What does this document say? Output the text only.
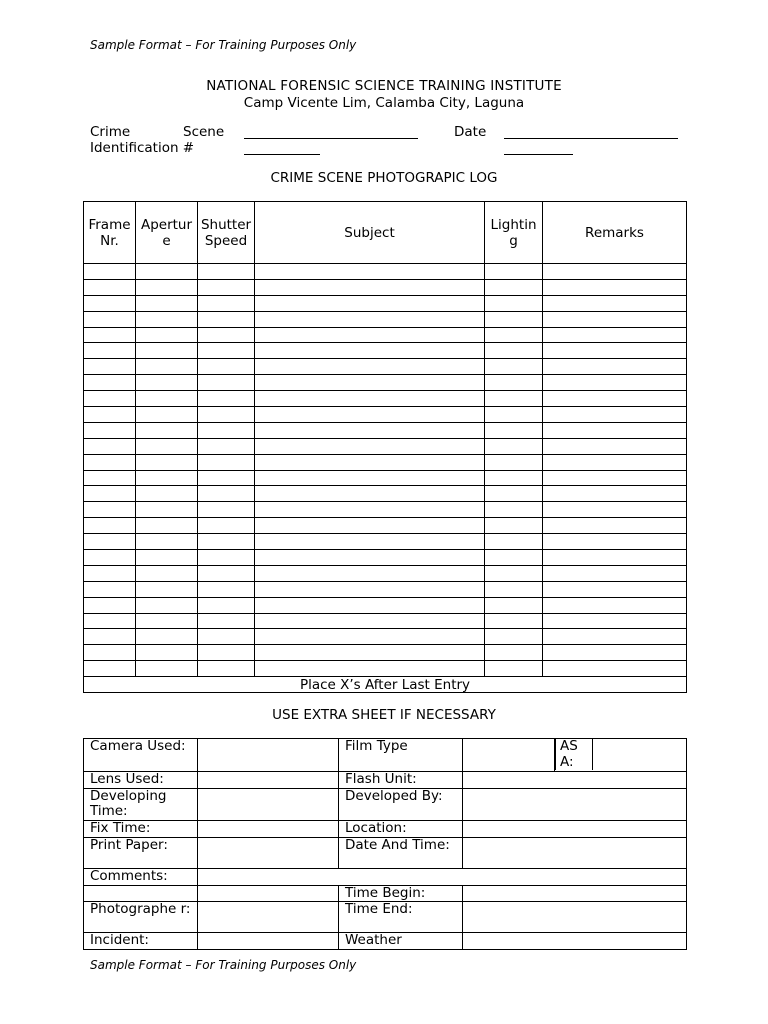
Sample Format – For Training Purposes Only
NATIONAL FORENSIC SCIENCE TRAINING INSTITUTE
Camp Vicente Lim, Calamba City, Laguna
Crime	Scene
Identification #
Date
CRIME SCENE PHOTOGRAPIC LOG
Frame Nr.	Aperture	Shutter Speed	Subject	Lighting	Remarks

Place X’s After Last Entry					
USE EXTRA SHEET IF NECESSARY
Camera Used:		Film Type		AS A:

Lens Used:		Flash Unit:		
Developing Time:		Developed By:		
Fix Time:		Location:		
Print Paper:		Date And Time:		
Comments:				
		Time Begin:		
Photographe r:		Time End:		
Incident:		Weather		
Sample Format – For Training Purposes Only
